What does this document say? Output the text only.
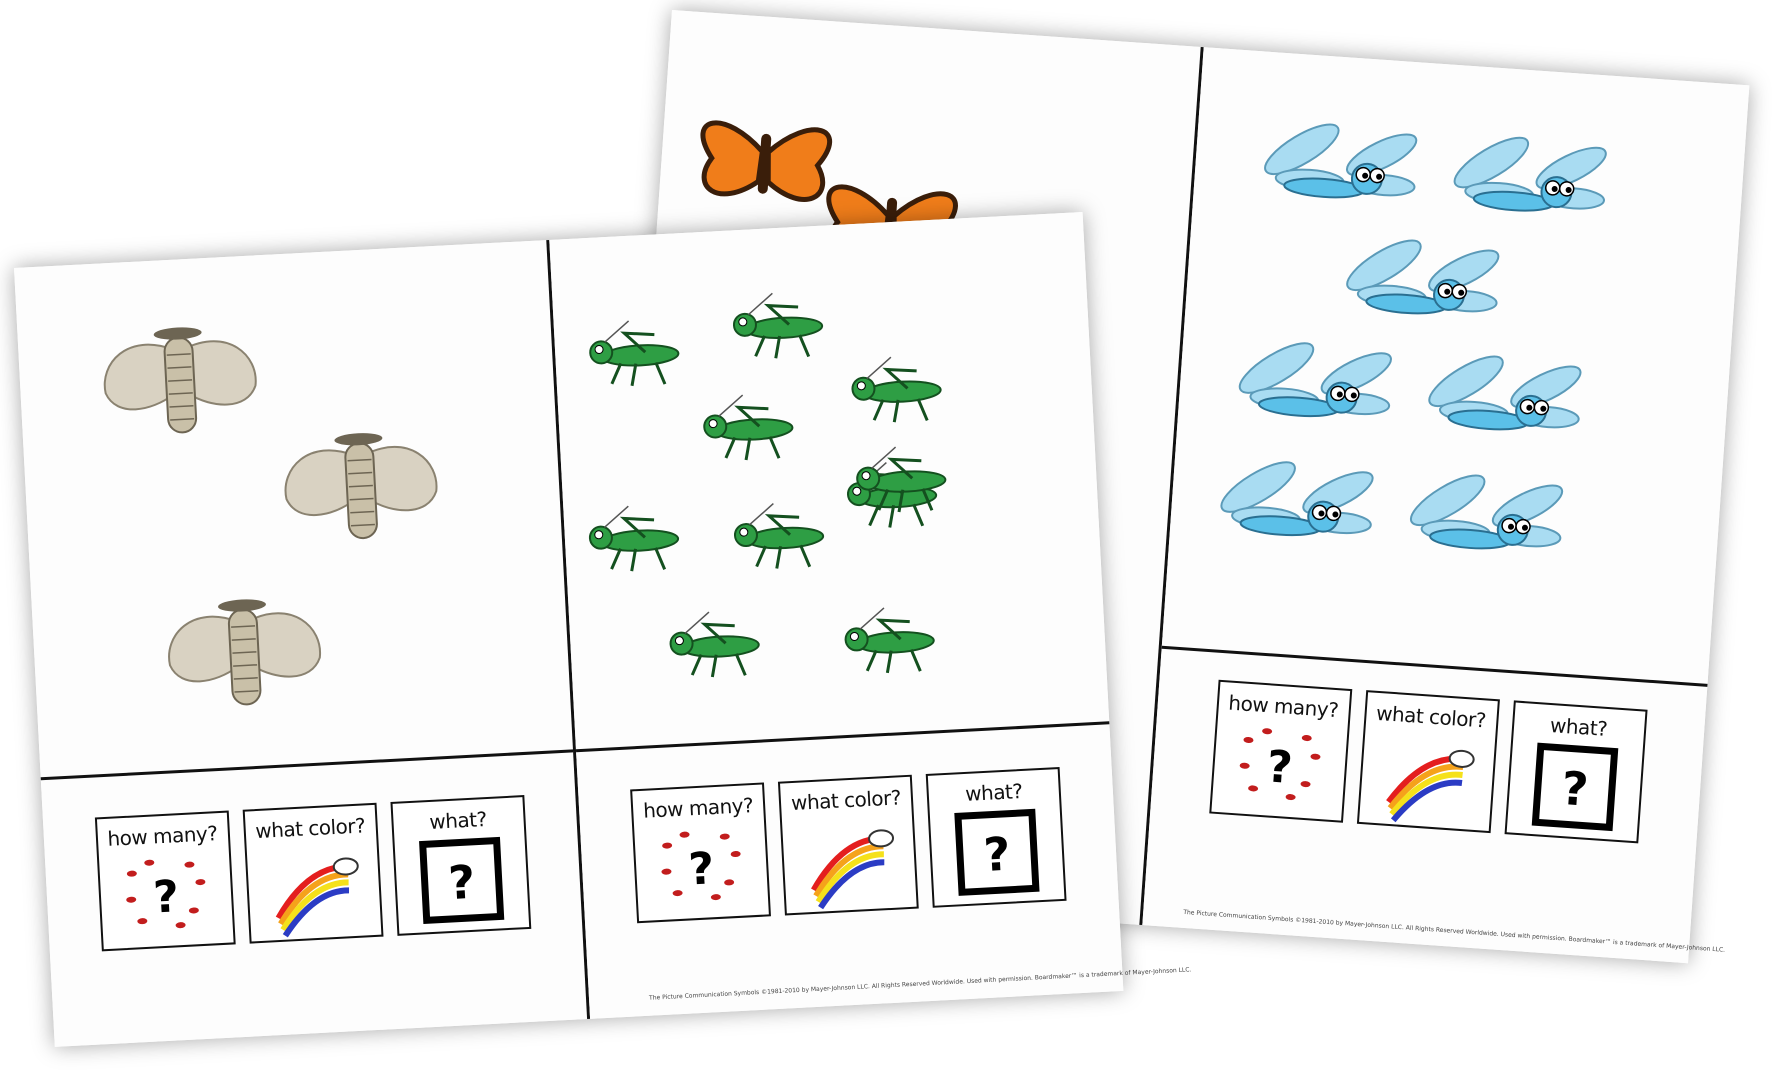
how many?
?
what color?	what?
?
The Picture Communication Symbols ©1981-2010 by Mayer-Johnson LLC. All Rights Reserved Worldwide. Used with permission. Boardmaker™ is a trademark of Mayer-Johnson LLC.
how many?
?
what color?	what?
?
how many?
?
what color?	what?
?
The Picture Communication Symbols ©1981-2010 by Mayer-Johnson LLC. All Rights Reserved Worldwide. Used with permission. Boardmaker™ is a trademark of Mayer-Johnson LLC.
